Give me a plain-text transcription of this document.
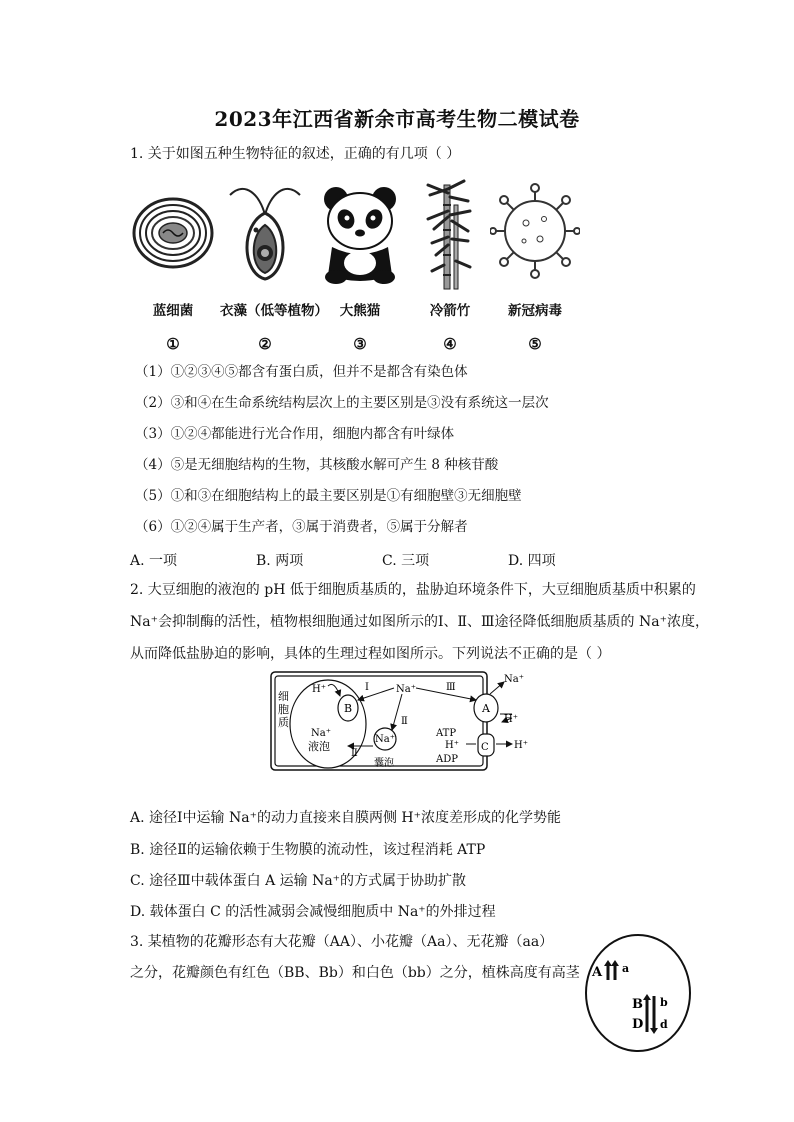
2023年江西省新余市高考生物二模试卷
1. 关于如图五种生物特征的叙述，正确的有几项（ ）
蓝细菌
①
衣藻（低等植物）
②
大熊猫
③
冷箭竹
④
新冠病毒
⑤
（1）①②③④⑤都含有蛋白质，但并不是都含有染色体
（2）③和④在生命系统结构层次上的主要区别是③没有系统这一层次
（3）①②④都能进行光合作用，细胞内都含有叶绿体
（4）⑤是无细胞结构的生物，其核酸水解可产生 8 种核苷酸
（5）①和③在细胞结构上的最主要区别是①有细胞壁③无细胞壁
（6）①②④属于生产者，③属于消费者，⑤属于分解者
A. 一项	B. 两项	C. 三项	D. 四项
2. 大豆细胞的液泡的 pH 低于细胞质基质的，盐胁迫环境条件下，大豆细胞质基质中积累的
Na⁺会抑制酶的活性，植物根细胞通过如图所示的Ⅰ、Ⅱ、Ⅲ途径降低细胞质基质的 Na⁺浓度，
从而降低盐胁迫的影响，具体的生理过程如图所示。下列说法不正确的是（ ）
细胞质
H⁺
Na⁺
液泡
B
Na⁺
Ⅰ
Ⅱ
Ⅲ
Na⁺
囊泡
Ⅱ
A
Na⁺
H⁺
C
ATP
H⁺
ADP
H⁺
A. 途径Ⅰ中运输 Na⁺的动力直接来自膜两侧 H⁺浓度差形成的化学势能
B. 途径Ⅱ的运输依赖于生物膜的流动性，该过程消耗 ATP
C. 途径Ⅲ中载体蛋白 A 运输 Na⁺的方式属于协助扩散
D. 载体蛋白 C 的活性减弱会减慢细胞质中 Na⁺的外排过程
3. 某植物的花瓣形态有大花瓣（AA）、小花瓣（Aa）、无花瓣（aa）
之分，花瓣颜色有红色（BB、Bb）和白色（bb）之分，植株高度有高茎 A a
B
D
b
d
